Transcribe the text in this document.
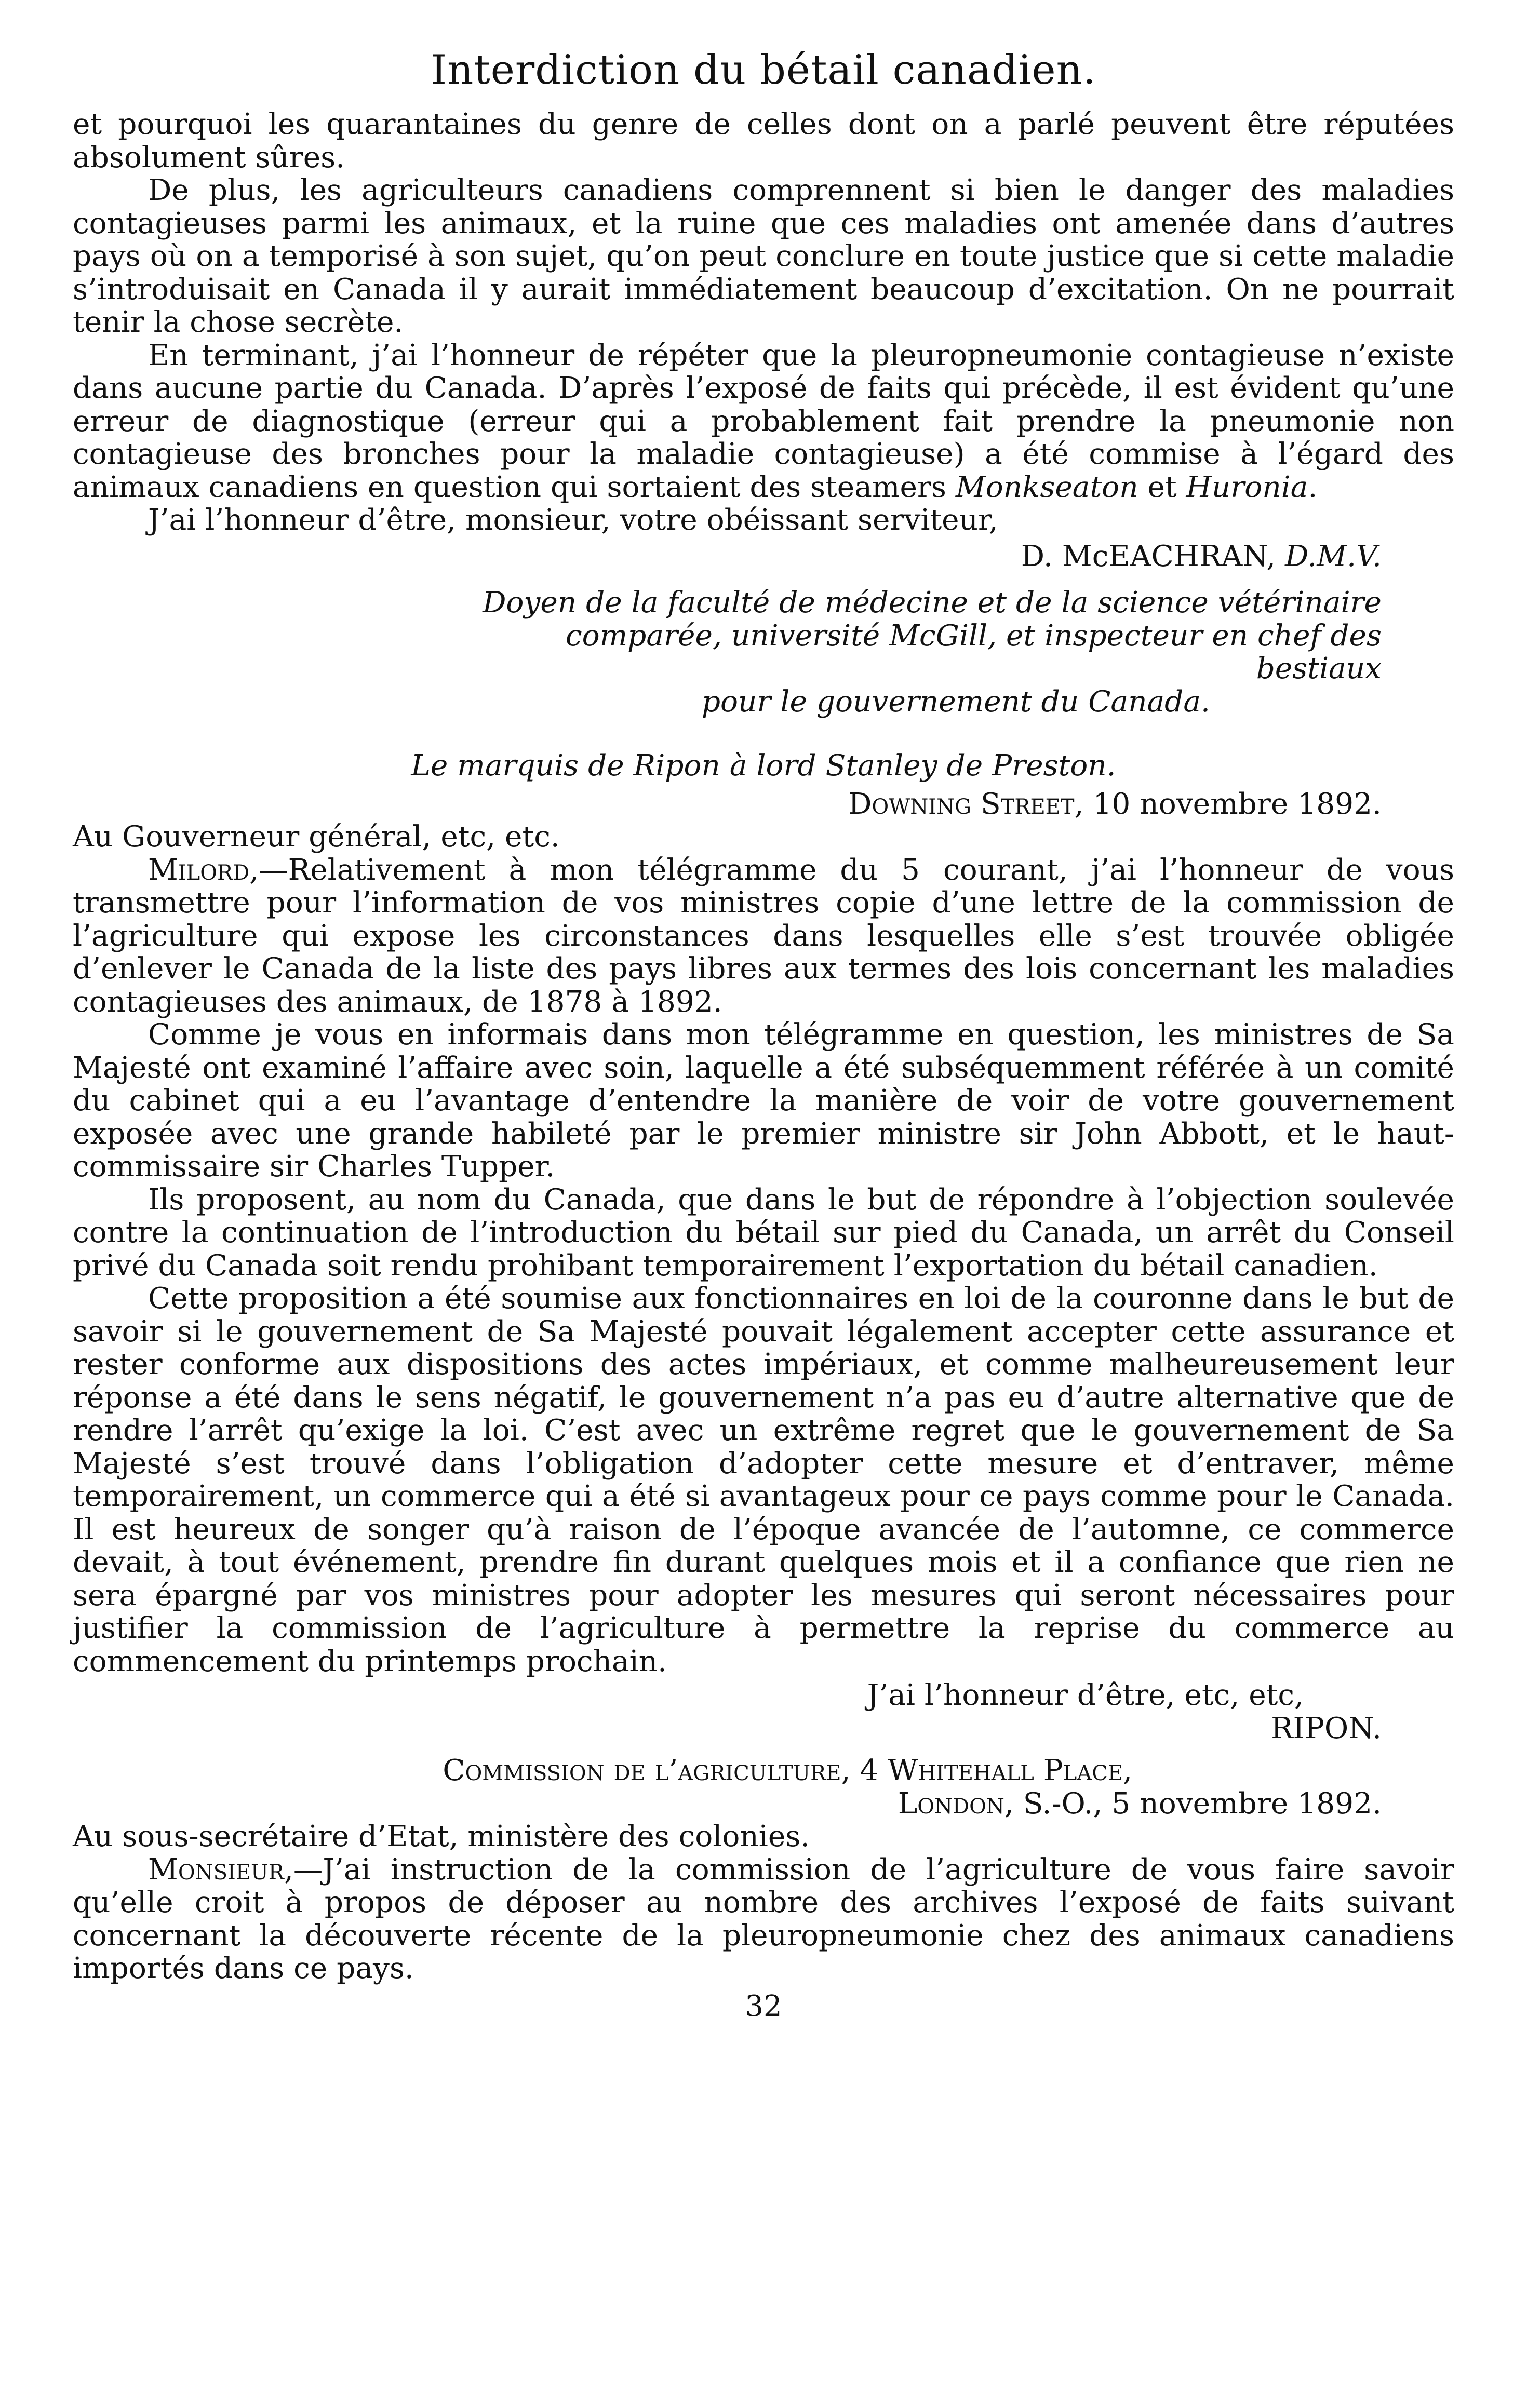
Interdiction du bétail canadien.

et pourquoi les quarantaines du genre de celles dont on a parlé peuvent être réputées absolument sûres.

De plus, les agriculteurs canadiens comprennent si bien le danger des maladies contagieuses parmi les animaux, et la ruine que ces maladies ont amenée dans d’autres pays où on a temporisé à son sujet, qu’on peut conclure en toute justice que si cette maladie s’introduisait en Canada il y aurait immédiatement beaucoup d’excitation. On ne pourrait tenir la chose secrète.

En terminant, j’ai l’honneur de répéter que la pleuropneumonie contagieuse n’existe dans aucune partie du Canada. D’après l’exposé de faits qui précède, il est évident qu’une erreur de diagnostique (erreur qui a probablement fait prendre la pneumonie non contagieuse des bronches pour la maladie contagieuse) a été commise à l’égard des animaux canadiens en question qui sortaient des steamers Monkseaton et Huronia.

J’ai l’honneur d’être, monsieur, votre obéissant serviteur,

D. McEACHRAN, D.M.V.

Doyen de la faculté de médecine et de la science vétérinaire

comparée, université McGill, et inspecteur en chef des bestiaux

pour le gouvernement du Canada.

Le marquis de Ripon à lord Stanley de Preston.

Downing Street, 10 novembre 1892.

Au Gouverneur général, etc, etc.

Milord,—Relativement à mon télégramme du 5 courant, j’ai l’honneur de vous transmettre pour l’information de vos ministres copie d’une lettre de la commission de l’agriculture qui expose les circonstances dans lesquelles elle s’est trouvée obligée d’enlever le Canada de la liste des pays libres aux termes des lois concernant les maladies contagieuses des animaux, de 1878 à 1892.

Comme je vous en informais dans mon télégramme en question, les ministres de Sa Majesté ont examiné l’affaire avec soin, laquelle a été subséquemment référée à un comité du cabinet qui a eu l’avantage d’entendre la manière de voir de votre gouvernement exposée avec une grande habileté par le premier ministre sir John Abbott, et le haut-commissaire sir Charles Tupper.

Ils proposent, au nom du Canada, que dans le but de répondre à l’objection soulevée contre la continuation de l’introduction du bétail sur pied du Canada, un arrêt du Conseil privé du Canada soit rendu prohibant temporairement l’exportation du bétail canadien.

Cette proposition a été soumise aux fonctionnaires en loi de la couronne dans le but de savoir si le gouvernement de Sa Majesté pouvait légalement accepter cette assurance et rester conforme aux dispositions des actes impériaux, et comme malheureusement leur réponse a été dans le sens négatif, le gouvernement n’a pas eu d’autre alternative que de rendre l’arrêt qu’exige la loi. C’est avec un extrême regret que le gouvernement de Sa Majesté s’est trouvé dans l’obligation d’adopter cette mesure et d’entraver, même temporairement, un commerce qui a été si avantageux pour ce pays comme pour le Canada. Il est heureux de songer qu’à raison de l’époque avancée de l’automne, ce commerce devait, à tout événement, prendre fin durant quelques mois et il a confiance que rien ne sera épargné par vos ministres pour adopter les mesures qui seront nécessaires pour justifier la commission de l’agriculture à permettre la reprise du commerce au commencement du printemps prochain.

J’ai l’honneur d’être, etc, etc,

RIPON.

Commission de l’agriculture, 4 Whitehall Place,

London, S.-O., 5 novembre 1892.

Au sous-secrétaire d’Etat, ministère des colonies.

Monsieur,—J’ai instruction de la commission de l’agriculture de vous faire savoir qu’elle croit à propos de déposer au nombre des archives l’exposé de faits suivant concernant la découverte récente de la pleuropneumonie chez des animaux canadiens importés dans ce pays.

32
